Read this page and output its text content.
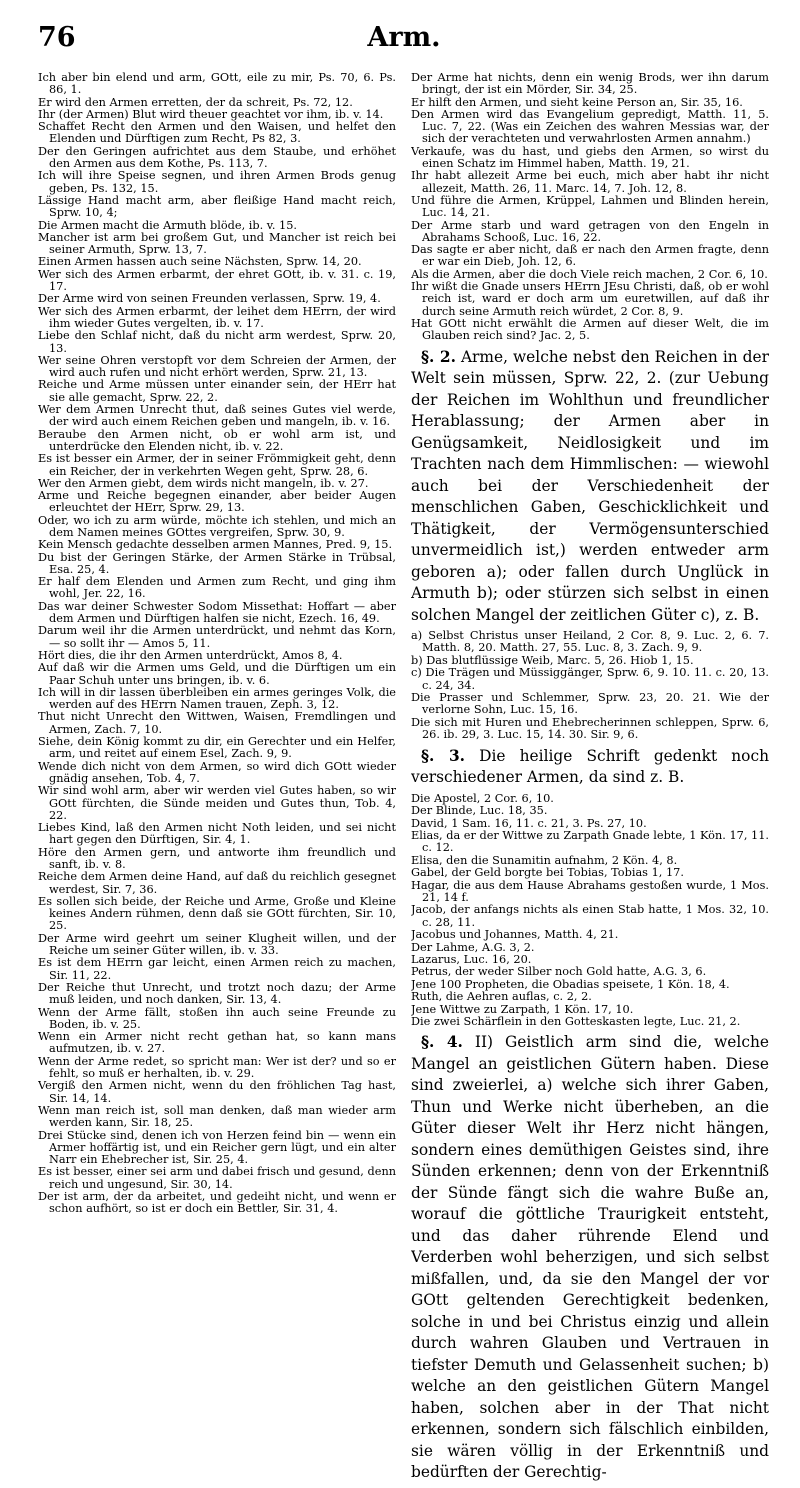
76	Arm.

Ich aber bin elend und arm, GOtt, eile zu mir, Ps. 70, 6. Ps. 86, 1.

Er wird den Armen erretten, der da schreit, Ps. 72, 12.

Ihr (der Armen) Blut wird theuer geachtet vor ihm, ib. v. 14.

Schaffet Recht den Armen und den Waisen, und helfet den Elenden und Dürftigen zum Recht, Ps 82, 3.

Der den Geringen aufrichtet aus dem Staube, und erhöhet den Armen aus dem Kothe, Ps. 113, 7.

Ich will ihre Speise segnen, und ihren Armen Brods genug geben, Ps. 132, 15.

Lässige Hand macht arm, aber fleißige Hand macht reich, Sprw. 10, 4;

Die Armen macht die Armuth blöde, ib. v. 15.

Mancher ist arm bei großem Gut, und Mancher ist reich bei seiner Armuth, Sprw. 13, 7.

Einen Armen hassen auch seine Nächsten, Sprw. 14, 20.

Wer sich des Armen erbarmt, der ehret GOtt, ib. v. 31. c. 19, 17.

Der Arme wird von seinen Freunden verlassen, Sprw. 19, 4.

Wer sich des Armen erbarmt, der leihet dem HErrn, der wird ihm wieder Gutes vergelten, ib. v. 17.

Liebe den Schlaf nicht, daß du nicht arm werdest, Sprw. 20, 13.

Wer seine Ohren verstopft vor dem Schreien der Armen, der wird auch rufen und nicht erhört werden, Sprw. 21, 13.

Reiche und Arme müssen unter einander sein, der HErr hat sie alle gemacht, Sprw. 22, 2.

Wer dem Armen Unrecht thut, daß seines Gutes viel werde, der wird auch einem Reichen geben und mangeln, ib. v. 16.

Beraube den Armen nicht, ob er wohl arm ist, und unterdrücke den Elenden nicht, ib. v. 22.

Es ist besser ein Armer, der in seiner Frömmigkeit geht, denn ein Reicher, der in verkehrten Wegen geht, Sprw. 28, 6.

Wer den Armen giebt, dem wirds nicht mangeln, ib. v. 27.

Arme und Reiche begegnen einander, aber beider Augen erleuchtet der HErr, Sprw. 29, 13.

Oder, wo ich zu arm würde, möchte ich stehlen, und mich an dem Namen meines GOttes vergreifen, Sprw. 30, 9.

Kein Mensch gedachte desselben armen Mannes, Pred. 9, 15.

Du bist der Geringen Stärke, der Armen Stärke in Trübsal, Esa. 25, 4.

Er half dem Elenden und Armen zum Recht, und ging ihm wohl, Jer. 22, 16.

Das war deiner Schwester Sodom Missethat: Hoffart — aber dem Armen und Dürftigen halfen sie nicht, Ezech. 16, 49.

Darum weil ihr die Armen unterdrückt, und nehmt das Korn, — so sollt ihr — Amos 5, 11.

Hört dies, die ihr den Armen unterdrückt, Amos 8, 4.

Auf daß wir die Armen ums Geld, und die Dürftigen um ein Paar Schuh unter uns bringen, ib. v. 6.

Ich will in dir lassen überbleiben ein armes geringes Volk, die werden auf des HErrn Namen trauen, Zeph. 3, 12.

Thut nicht Unrecht den Wittwen, Waisen, Fremdlingen und Armen, Zach. 7, 10.

Siehe, dein König kommt zu dir, ein Gerechter und ein Helfer, arm, und reitet auf einem Esel, Zach. 9, 9.

Wende dich nicht von dem Armen, so wird dich GOtt wieder gnädig ansehen, Tob. 4, 7.

Wir sind wohl arm, aber wir werden viel Gutes haben, so wir GOtt fürchten, die Sünde meiden und Gutes thun, Tob. 4, 22.

Liebes Kind, laß den Armen nicht Noth leiden, und sei nicht hart gegen den Dürftigen, Sir. 4, 1.

Höre den Armen gern, und antworte ihm freundlich und sanft, ib. v. 8.

Reiche dem Armen deine Hand, auf daß du reichlich gesegnet werdest, Sir. 7, 36.

Es sollen sich beide, der Reiche und Arme, Große und Kleine keines Andern rühmen, denn daß sie GOtt fürchten, Sir. 10, 25.

Der Arme wird geehrt um seiner Klugheit willen, und der Reiche um seiner Güter willen, ib. v. 33.

Es ist dem HErrn gar leicht, einen Armen reich zu machen, Sir. 11, 22.

Der Reiche thut Unrecht, und trotzt noch dazu; der Arme muß leiden, und noch danken, Sir. 13, 4.

Wenn der Arme fällt, stoßen ihn auch seine Freunde zu Boden, ib. v. 25.

Wenn ein Armer nicht recht gethan hat, so kann mans aufmutzen, ib. v. 27.

Wenn der Arme redet, so spricht man: Wer ist der? und so er fehlt, so muß er herhalten, ib. v. 29.

Vergiß den Armen nicht, wenn du den fröhlichen Tag hast, Sir. 14, 14.

Wenn man reich ist, soll man denken, daß man wieder arm werden kann, Sir. 18, 25.

Drei Stücke sind, denen ich von Herzen feind bin — wenn ein Armer hoffärtig ist, und ein Reicher gern lügt, und ein alter Narr ein Ehebrecher ist, Sir. 25, 4.

Es ist besser, einer sei arm und dabei frisch und gesund, denn reich und ungesund, Sir. 30, 14.

Der ist arm, der da arbeitet, und gedeiht nicht, und wenn er schon aufhört, so ist er doch ein Bettler, Sir. 31, 4.

Der Arme hat nichts, denn ein wenig Brods, wer ihn darum bringt, der ist ein Mörder, Sir. 34, 25.

Er hilft den Armen, und sieht keine Person an, Sir. 35, 16.

Den Armen wird das Evangelium gepredigt, Matth. 11, 5. Luc. 7, 22. (Was ein Zeichen des wahren Messias war, der sich der verachteten und verwahrlosten Armen annahm.)

Verkaufe, was du hast, und giebs den Armen, so wirst du einen Schatz im Himmel haben, Matth. 19, 21.

Ihr habt allezeit Arme bei euch, mich aber habt ihr nicht allezeit, Matth. 26, 11. Marc. 14, 7. Joh. 12, 8.

Und führe die Armen, Krüppel, Lahmen und Blinden herein, Luc. 14, 21.

Der Arme starb und ward getragen von den Engeln in Abrahams Schooß, Luc. 16, 22.

Das sagte er aber nicht, daß er nach den Armen fragte, denn er war ein Dieb, Joh. 12, 6.

Als die Armen, aber die doch Viele reich machen, 2 Cor. 6, 10.

Ihr wißt die Gnade unsers HErrn JEsu Christi, daß, ob er wohl reich ist, ward er doch arm um euretwillen, auf daß ihr durch seine Armuth reich würdet, 2 Cor. 8, 9.

Hat GOtt nicht erwählt die Armen auf dieser Welt, die im Glauben reich sind? Jac. 2, 5.

§. 2. Arme, welche nebst den Reichen in der Welt sein müssen, Sprw. 22, 2. (zur Uebung der Reichen im Wohlthun und freundlicher Herablassung; der Armen aber in Genügsamkeit, Neidlosigkeit und im Trachten nach dem Himmlischen: — wiewohl auch bei der Verschiedenheit der menschlichen Gaben, Geschicklichkeit und Thätigkeit, der Vermögensunterschied unvermeidlich ist,) werden entweder arm geboren a); oder fallen durch Unglück in Armuth b); oder stürzen sich selbst in einen solchen Mangel der zeitlichen Güter c), z. B.

a) Selbst Christus unser Heiland, 2 Cor. 8, 9. Luc. 2, 6. 7. Matth. 8, 20. Matth. 27, 55. Luc. 8, 3. Zach. 9, 9.

b) Das blutflüssige Weib, Marc. 5, 26. Hiob 1, 15.

c) Die Trägen und Müssiggänger, Sprw. 6, 9. 10. 11. c. 20, 13. c. 24, 34.

Die Prasser und Schlemmer, Sprw. 23, 20. 21. Wie der verlorne Sohn, Luc. 15, 16.

Die sich mit Huren und Ehebrecherinnen schleppen, Sprw. 6, 26. ib. 29, 3. Luc. 15, 14. 30. Sir. 9, 6.

§. 3. Die heilige Schrift gedenkt noch verschiedener Armen, da sind z. B.

Die Apostel, 2 Cor. 6, 10.

Der Blinde, Luc. 18, 35.

David, 1 Sam. 16, 11. c. 21, 3. Ps. 27, 10.

Elias, da er der Wittwe zu Zarpath Gnade lebte, 1 Kön. 17, 11. c. 12.

Elisa, den die Sunamitin aufnahm, 2 Kön. 4, 8.

Gabel, der Geld borgte bei Tobias, Tobias 1, 17.

Hagar, die aus dem Hause Abrahams gestoßen wurde, 1 Mos. 21, 14 f.

Jacob, der anfangs nichts als einen Stab hatte, 1 Mos. 32, 10. c. 28, 11.

Jacobus und Johannes, Matth. 4, 21.

Der Lahme, A.G. 3, 2.

Lazarus, Luc. 16, 20.

Petrus, der weder Silber noch Gold hatte, A.G. 3, 6.

Jene 100 Propheten, die Obadias speisete, 1 Kön. 18, 4.

Ruth, die Aehren auflas, c. 2, 2.

Jene Wittwe zu Zarpath, 1 Kön. 17, 10.

Die zwei Schärflein in den Gotteskasten legte, Luc. 21, 2.

§. 4. II) Geistlich arm sind die, welche Mangel an geistlichen Gütern haben. Diese sind zweierlei, a) welche sich ihrer Gaben, Thun und Werke nicht überheben, an die Güter dieser Welt ihr Herz nicht hängen, sondern eines demüthigen Geistes sind, ihre Sünden erkennen; denn von der Erkenntniß der Sünde fängt sich die wahre Buße an, worauf die göttliche Traurigkeit entsteht, und das daher rührende Elend und Verderben wohl beherzigen, und sich selbst mißfallen, und, da sie den Mangel der vor GOtt geltenden Gerechtigkeit bedenken, solche in und bei Christus einzig und allein durch wahren Glauben und Vertrauen in tiefster Demuth und Gelassenheit suchen; b) welche an den geistlichen Gütern Mangel haben, solchen aber in der That nicht erkennen, sondern sich fälschlich einbilden, sie wären völlig in der Erkenntniß und bedürften der Gerechtig-
